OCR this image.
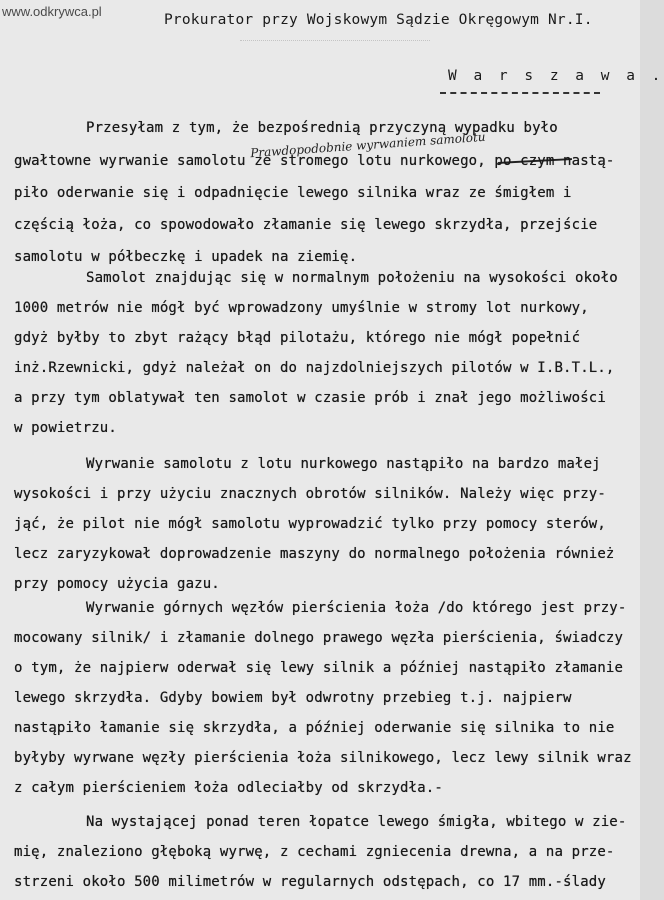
www.odkrywca.pl
Prokurator przy Wojskowym Sądzie Okręgowym Nr.I.
W a r s z a w a .
Prawdopodobnie wyrwaniem samolotu
Przesyłam z tym, że bezpośrednią przyczyną wypadku było
gwałtowne wyrwanie samolotu ze stromego lotu nurkowego, po czym nastą-
piło oderwanie się i odpadnięcie lewego silnika wraz ze śmigłem i
częścią łoża, co spowodowało złamanie się lewego skrzydła, przejście
samolotu w półbeczkę i upadek na ziemię.
Samolot znajdując się w normalnym położeniu na wysokości około
1000 metrów nie mógł być wprowadzony umyślnie w stromy lot nurkowy,
gdyż byłby to zbyt rażący błąd pilotażu, którego nie mógł popełnić
inż.Rzewnicki, gdyż należał on do najzdolniejszych pilotów w I.B.T.L.,
a przy tym oblatywał ten samolot w czasie prób i znał jego możliwości
w powietrzu.
Wyrwanie samolotu z lotu nurkowego nastąpiło na bardzo małej
wysokości i przy użyciu znacznych obrotów silników. Należy więc przy-
jąć, że pilot nie mógł samolotu wyprowadzić tylko przy pomocy sterów,
lecz zaryzykował doprowadzenie maszyny do normalnego położenia również
przy pomocy użycia gazu.
Wyrwanie górnych węzłów pierścienia łoża /do którego jest przy-
mocowany silnik/ i złamanie dolnego prawego węzła pierścienia, świadczy
o tym, że najpierw oderwał się lewy silnik a później nastąpiło złamanie
lewego skrzydła. Gdyby bowiem był odwrotny przebieg t.j. najpierw
nastąpiło łamanie się skrzydła, a później oderwanie się silnika to nie
byłyby wyrwane węzły pierścienia łoża silnikowego, lecz lewy silnik wraz
z całym pierścieniem łoża odleciałby od skrzydła.-
Na wystającej ponad teren łopatce lewego śmigła, wbitego w zie-
mię, znaleziono głęboką wyrwę, z cechami zgniecenia drewna, a na prze-
strzeni około 500 milimetrów w regularnych odstępach, co 17 mm.-ślady
